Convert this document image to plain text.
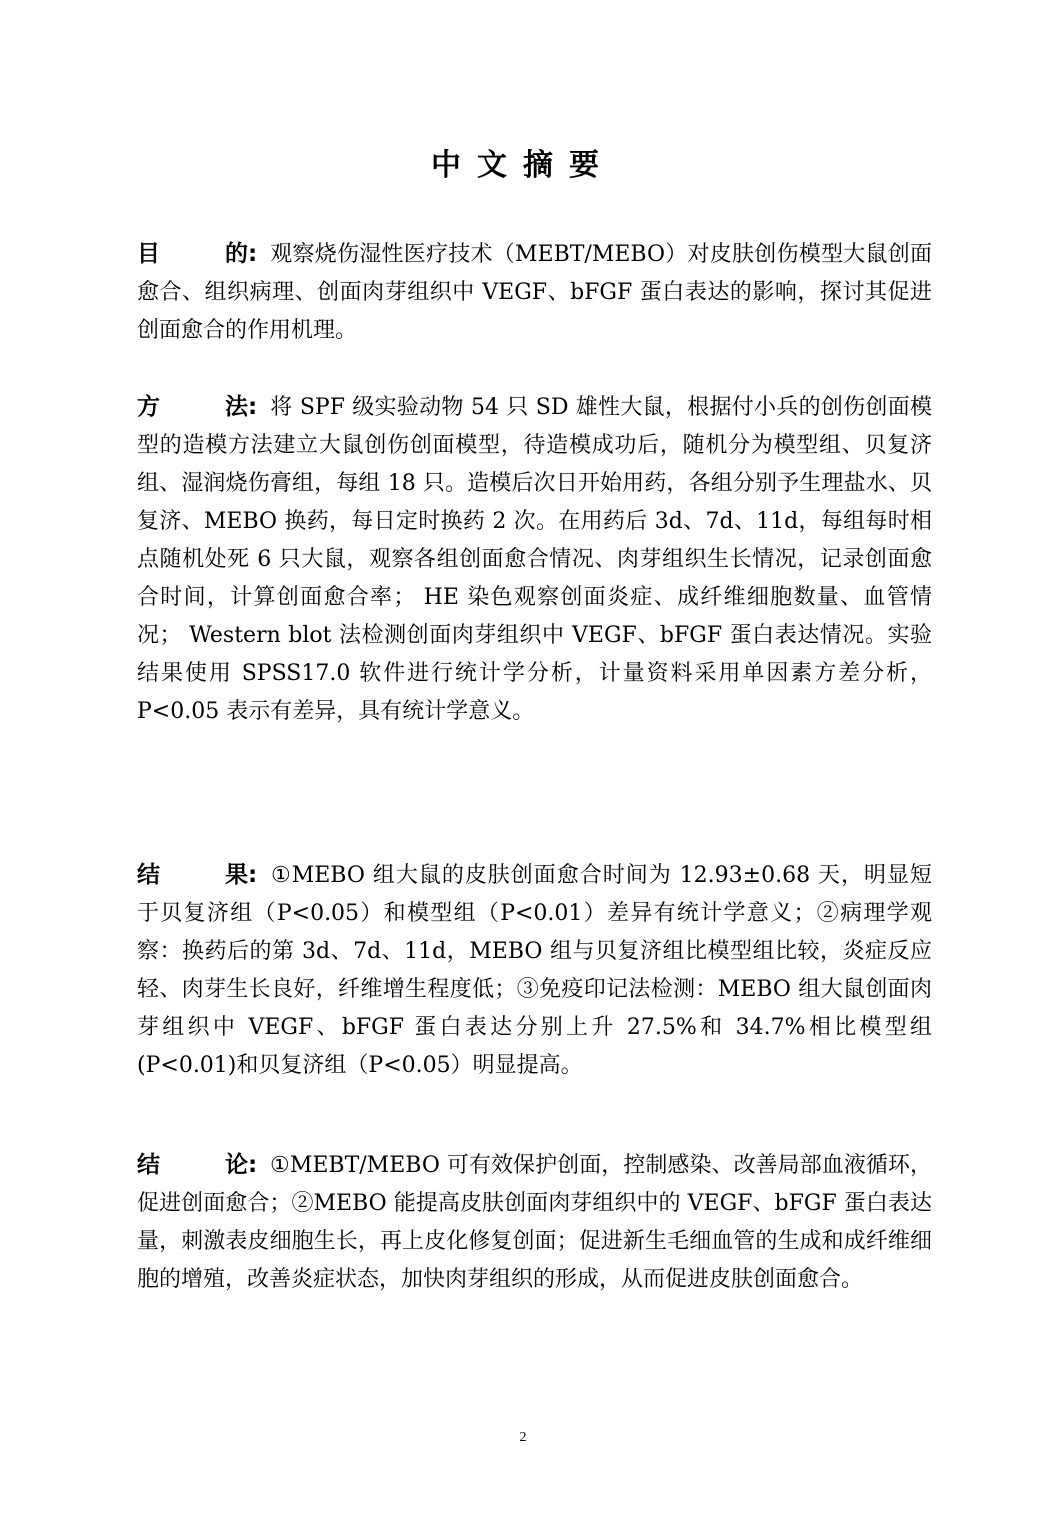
中文摘要

目	的: 观察烧伤湿性医疗技术（MEBT/MEBO）对皮肤创伤模型大鼠创面愈合、组织病理、创面肉芽组织中 VEGF、bFGF 蛋白表达的影响，探讨其促进创面愈合的作用机理。

方	法: 将 SPF 级实验动物 54 只 SD 雄性大鼠，根据付小兵的创伤创面模型的造模方法建立大鼠创伤创面模型，待造模成功后，随机分为模型组、贝复济组、湿润烧伤膏组，每组 18 只。造模后次日开始用药，各组分别予生理盐水、贝复济、MEBO 换药，每日定时换药 2 次。在用药后 3d、7d、11d，每组每时相点随机处死 6 只大鼠，观察各组创面愈合情况、肉芽组织生长情况，记录创面愈合时间，计算创面愈合率； HE 染色观察创面炎症、成纤维细胞数量、血管情况； Western blot 法检测创面肉芽组织中 VEGF、bFGF 蛋白表达情况。实验结果使用 SPSS17.0 软件进行统计学分析，计量资料采用单因素方差分析，P<0.05 表示有差异，具有统计学意义。

结	果: ①MEBO 组大鼠的皮肤创面愈合时间为 12.93±0.68 天，明显短于贝复济组（P<0.05）和模型组（P<0.01）差异有统计学意义；②病理学观察：换药后的第 3d、7d、11d，MEBO 组与贝复济组比模型组比较，炎症反应轻、肉芽生长良好，纤维增生程度低；③免疫印记法检测：MEBO 组大鼠创面肉芽组织中 VEGF、bFGF 蛋白表达分别上升 27.5%和 34.7%相比模型组(P<0.01)和贝复济组（P<0.05）明显提高。

结	论: ①MEBT/MEBO 可有效保护创面，控制感染、改善局部血液循环，促进创面愈合；②MEBO 能提高皮肤创面肉芽组织中的 VEGF、bFGF 蛋白表达量，刺激表皮细胞生长，再上皮化修复创面；促进新生毛细血管的生成和成纤维细胞的增殖，改善炎症状态，加快肉芽组织的形成，从而促进皮肤创面愈合。

2
